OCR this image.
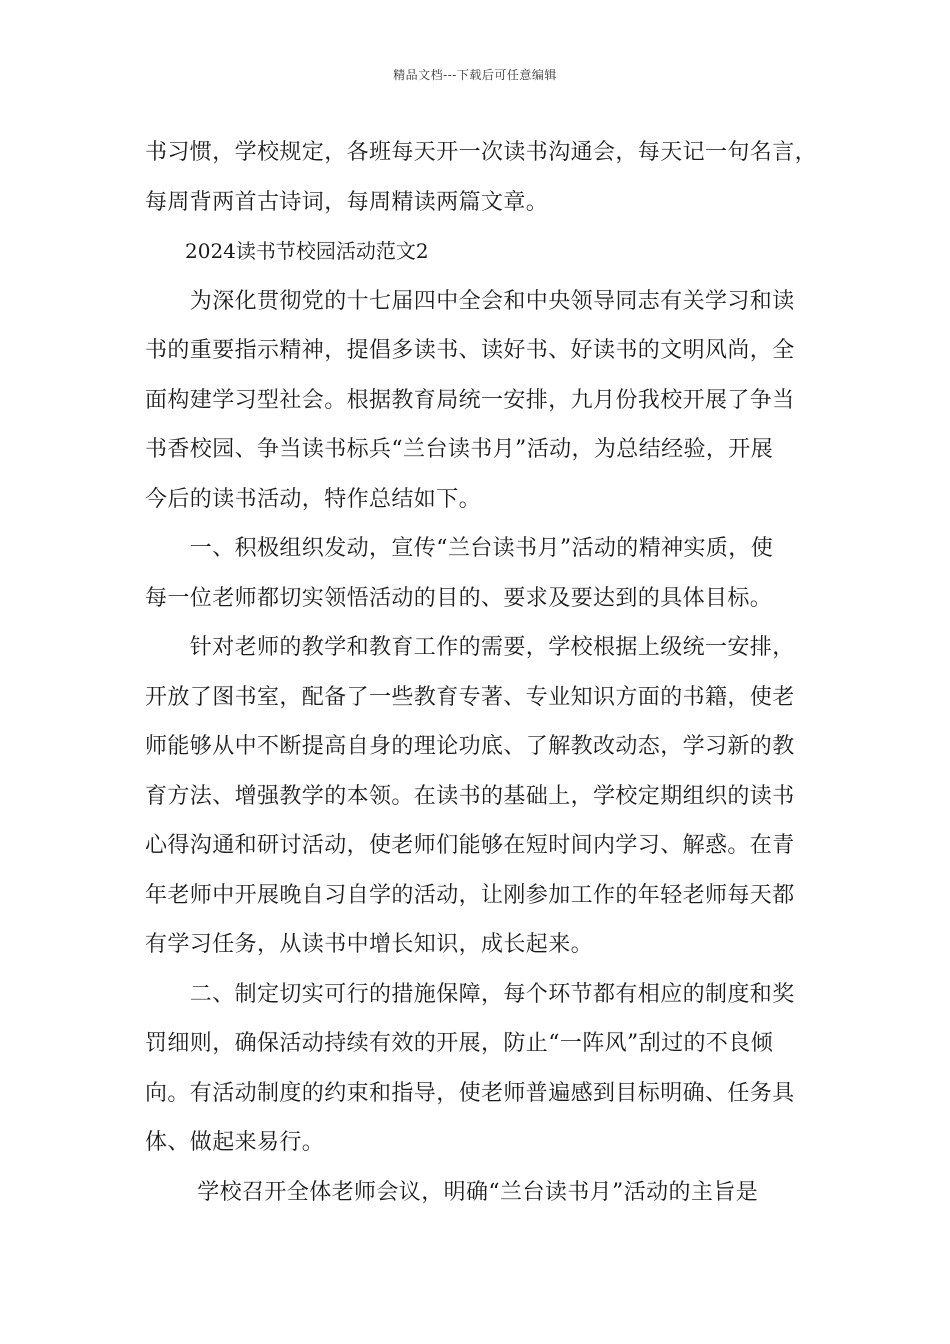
精品文档---下载后可任意编辑
书习惯，学校规定，各班每天开一次读书沟通会，每天记一句名言，
每周背两首古诗词，每周精读两篇文章。
　　2024读书节校园活动范文2
　　为深化贯彻党的十七届四中全会和中央领导同志有关学习和读
书的重要指示精神，提倡多读书、读好书、好读书的文明风尚，全
面构建学习型社会。根据教育局统一安排，九月份我校开展了争当
书香校园、争当读书标兵“兰台读书月”活动，为总结经验，开展
今后的读书活动，特作总结如下。
　　一、积极组织发动，宣传“兰台读书月”活动的精神实质，使
每一位老师都切实领悟活动的目的、要求及要达到的具体目标。
　　针对老师的教学和教育工作的需要，学校根据上级统一安排，
开放了图书室，配备了一些教育专著、专业知识方面的书籍，使老
师能够从中不断提高自身的理论功底、了解教改动态，学习新的教
育方法、增强教学的本领。在读书的基础上，学校定期组织的读书
心得沟通和研讨活动，使老师们能够在短时间内学习、解惑。在青
年老师中开展晚自习自学的活动，让刚参加工作的年轻老师每天都
有学习任务，从读书中增长知识，成长起来。
　　二、制定切实可行的措施保障，每个环节都有相应的制度和奖
罚细则，确保活动持续有效的开展，防止“一阵风”刮过的不良倾
向。有活动制度的约束和指导，使老师普遍感到目标明确、任务具
体、做起来易行。
　　 学校召开全体老师会议，明确“兰台读书月”活动的主旨是
